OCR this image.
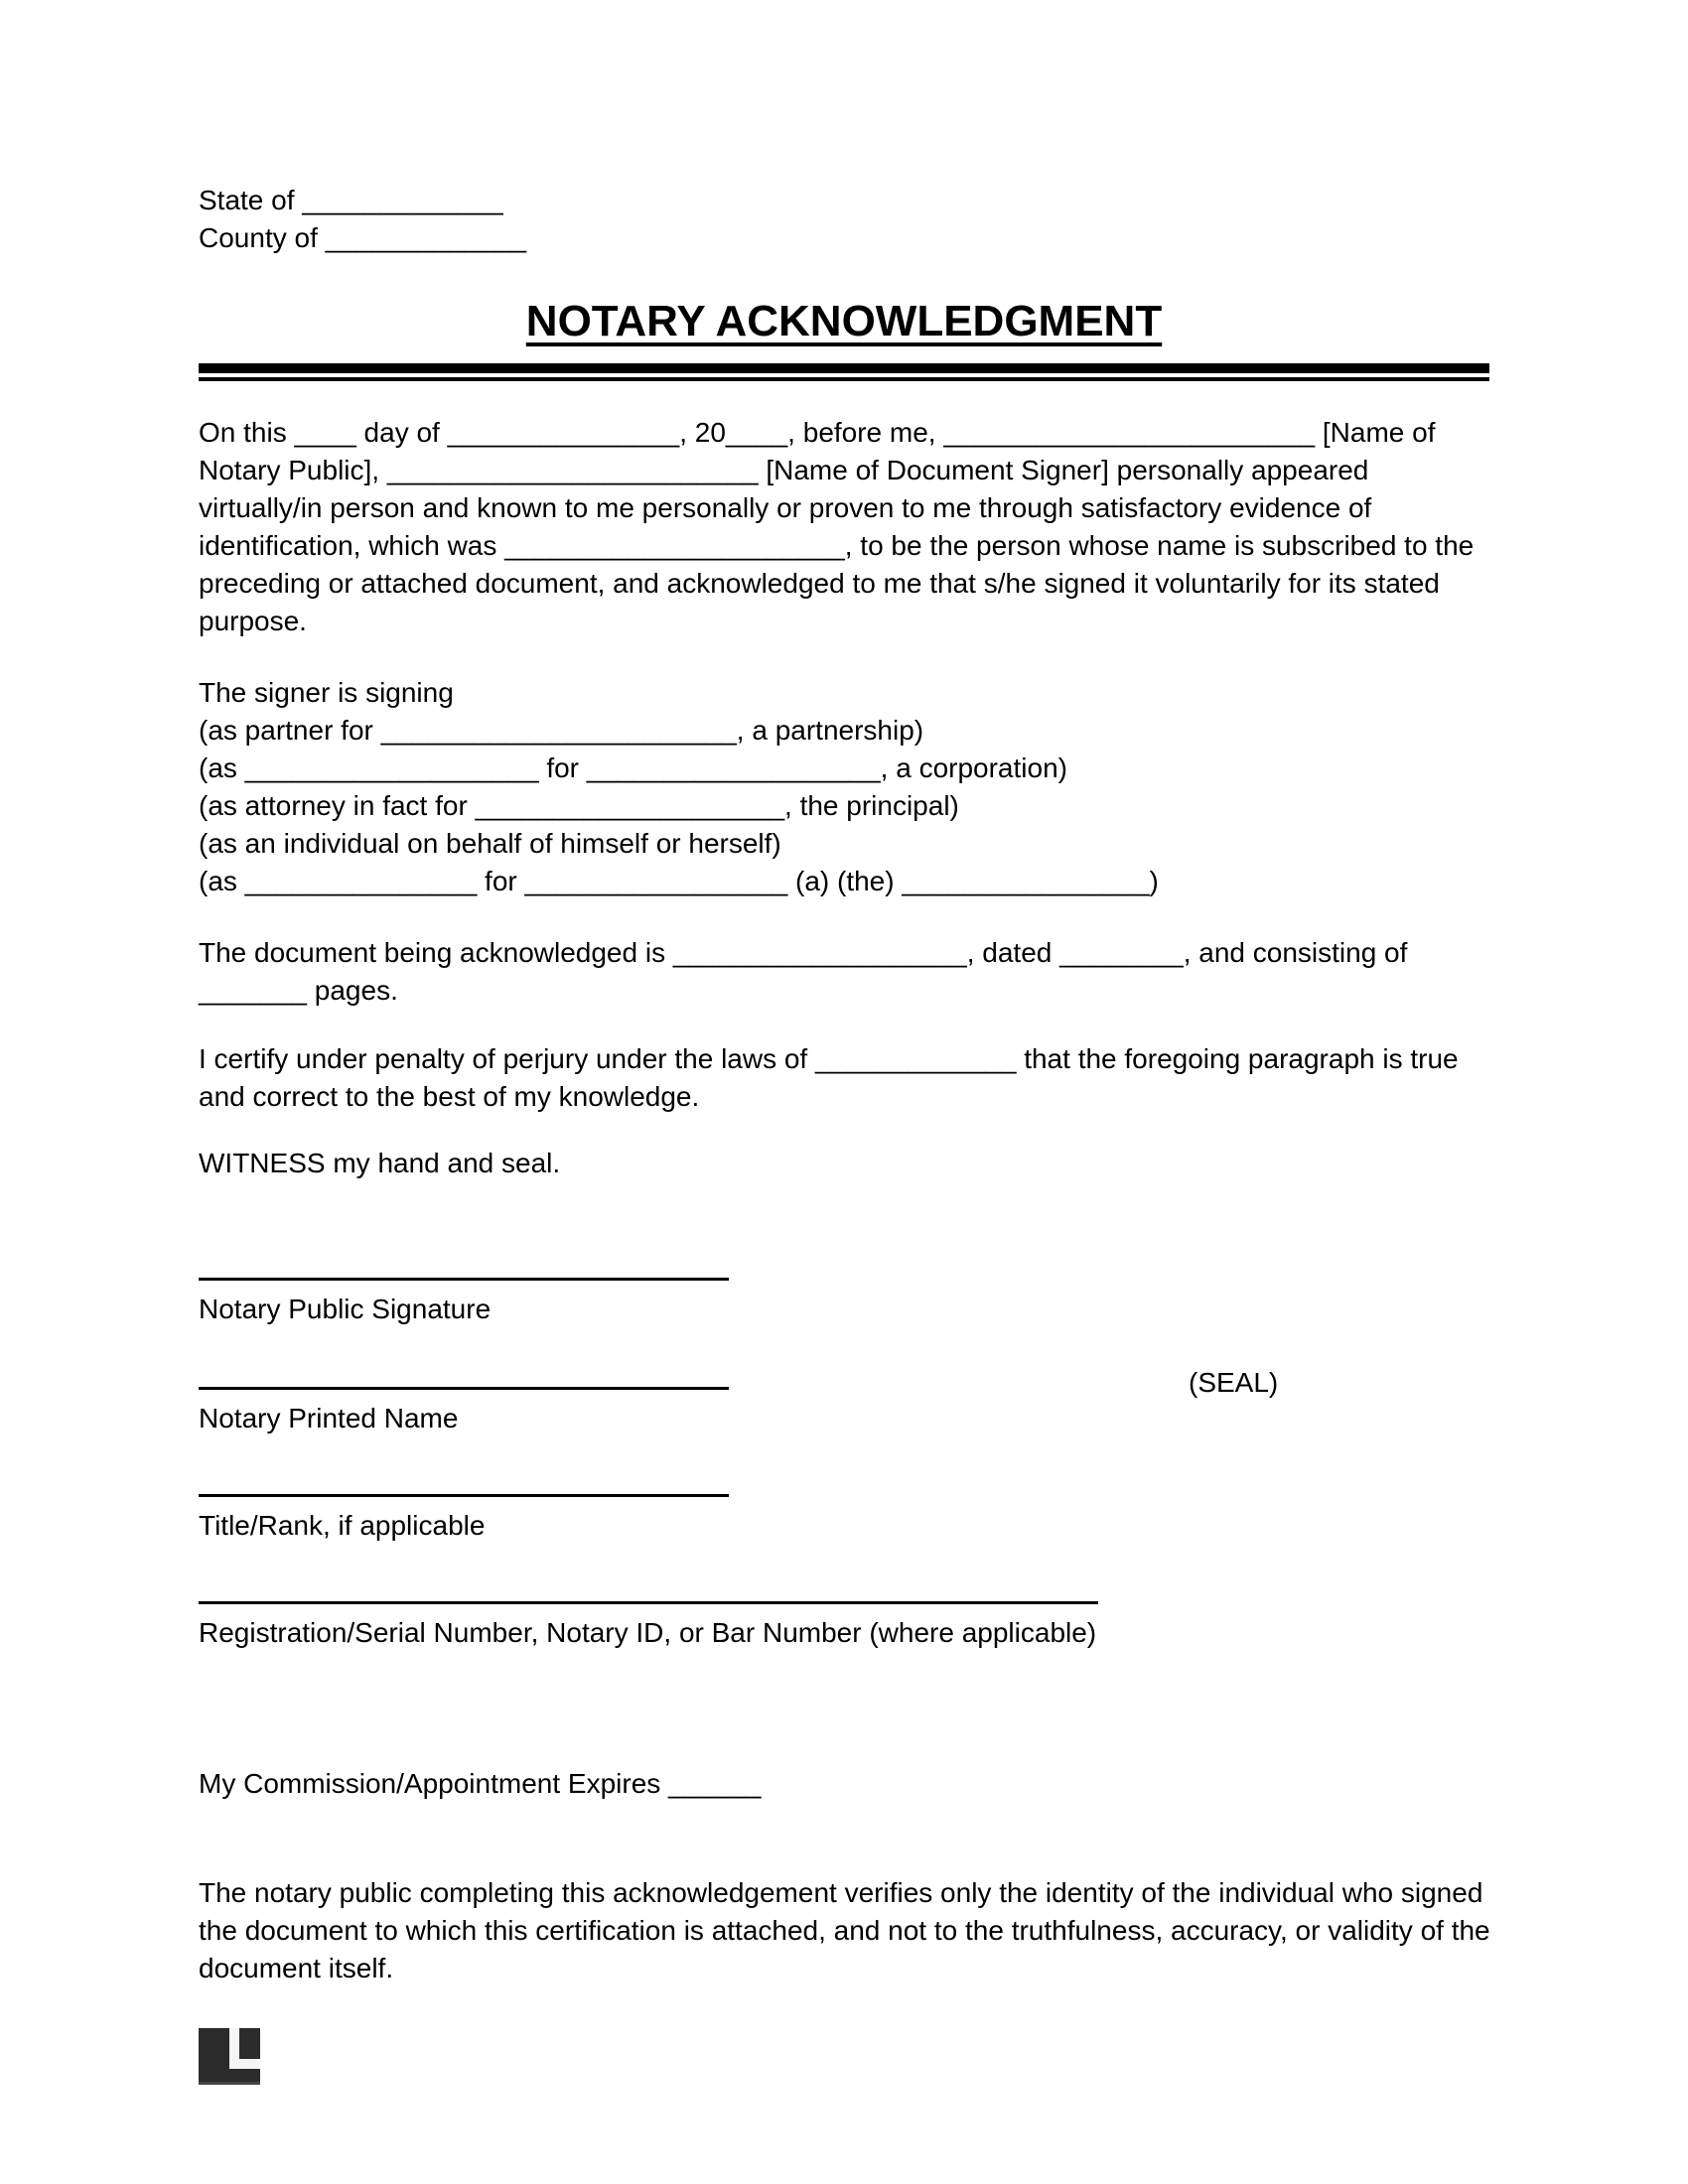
State of _____________
County of _____________
NOTARY ACKNOWLEDGMENT
On this ____ day of _______________, 20____, before me, ________________________ [Name of
Notary Public], ________________________ [Name of Document Signer] personally appeared
virtually/in person and known to me personally or proven to me through satisfactory evidence of
identification, which was ______________________, to be the person whose name is subscribed to the
preceding or attached document, and acknowledged to me that s/he signed it voluntarily for its stated
purpose.
The signer is signing
(as partner for _______________________, a partnership)
(as ___________________ for ___________________, a corporation)
(as attorney in fact for ____________________, the principal)
(as an individual on behalf of himself or herself)
(as _______________ for _________________ (a) (the) ________________)
The document being acknowledged is ___________________, dated ________, and consisting of
_______ pages.
I certify under penalty of perjury under the laws of _____________ that the foregoing paragraph is true
and correct to the best of my knowledge.
WITNESS my hand and seal.
Notary Public Signature
(SEAL)
Notary Printed Name
Title/Rank, if applicable
Registration/Serial Number, Notary ID, or Bar Number (where applicable)
My Commission/Appointment Expires ______
The notary public completing this acknowledgement verifies only the identity of the individual who signed
the document to which this certification is attached, and not to the truthfulness, accuracy, or validity of the
document itself.
